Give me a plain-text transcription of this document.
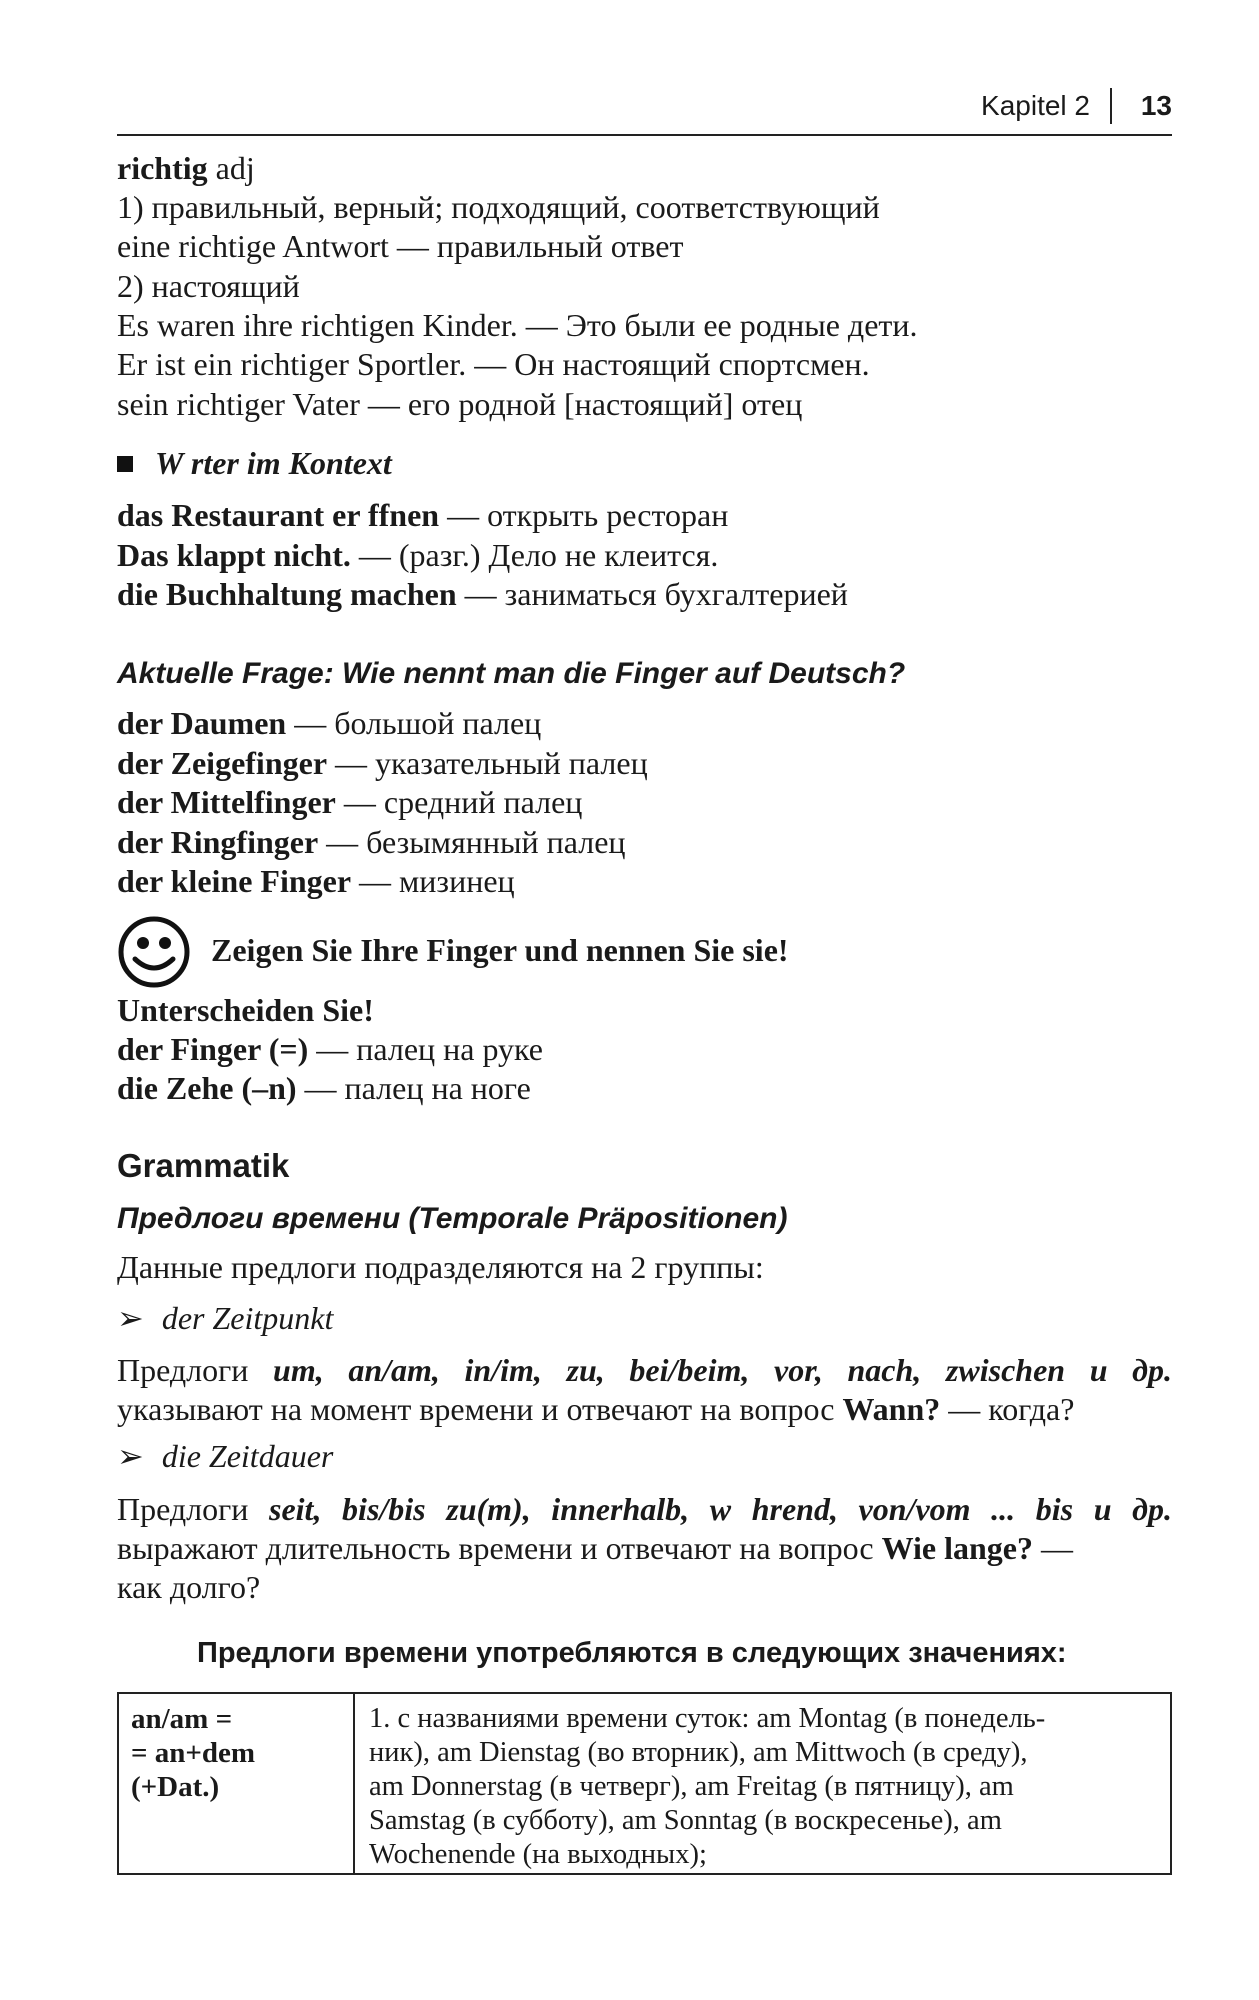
Kapitel 2 13
richtig adj
1) правильный, верный; подходящий, соответствующий
eine richtige Antwort — правильный ответ
2) настоящий
Es waren ihre richtigen Kinder. — Это были ее родные дети.
Er ist ein richtiger Sportler. — Он настоящий спортсмен.
sein richtiger Vater — его родной [настоящий] отец
W rter im Kontext
das Restaurant er ffnen — открыть ресторан
Das klappt nicht. — (разг.) Дело не клеится.
die Buchhaltung machen — заниматься бухгалтерией
Aktuelle Frage: Wie nennt man die Finger auf Deutsch?
der Daumen — большой палец
der Zeigefinger — указательный палец
der Mittelfinger — средний палец
der Ringfinger — безымянный палец
der kleine Finger — мизинец
Zeigen Sie Ihre Finger und nennen Sie sie!
Unterscheiden Sie!
der Finger (=) — палец на руке
die Zehe (–n) — палец на ноге
Grammatik
Предлоги времени (Temporale Präpositionen)
Данные предлоги подразделяются на 2 группы:
➢ der Zeitpunkt
Предлоги um, an/am, in/im, zu, bei/beim, vor, nach, zwischen и др.
указывают на момент времени и отвечают на вопрос Wann? — когда?
➢ die Zeitdauer
Предлоги seit, bis/bis zu(m), innerhalb, w hrend, von/vom ... bis и др.
выражают длительность времени и отвечают на вопрос Wie lange? —
как долго?
Предлоги времени употребляются в следующих значениях:
an/am =
= an+dem
(+Dat.)
1. с названиями времени суток: am Montag (в понедель-
ник), am Dienstag (во вторник), am Mittwoch (в среду),
am Donnerstag (в четверг), am Freitag (в пятницу), am
Samstag (в субботу), am Sonntag (в воскресенье), am
Wochenende (на выходных);
